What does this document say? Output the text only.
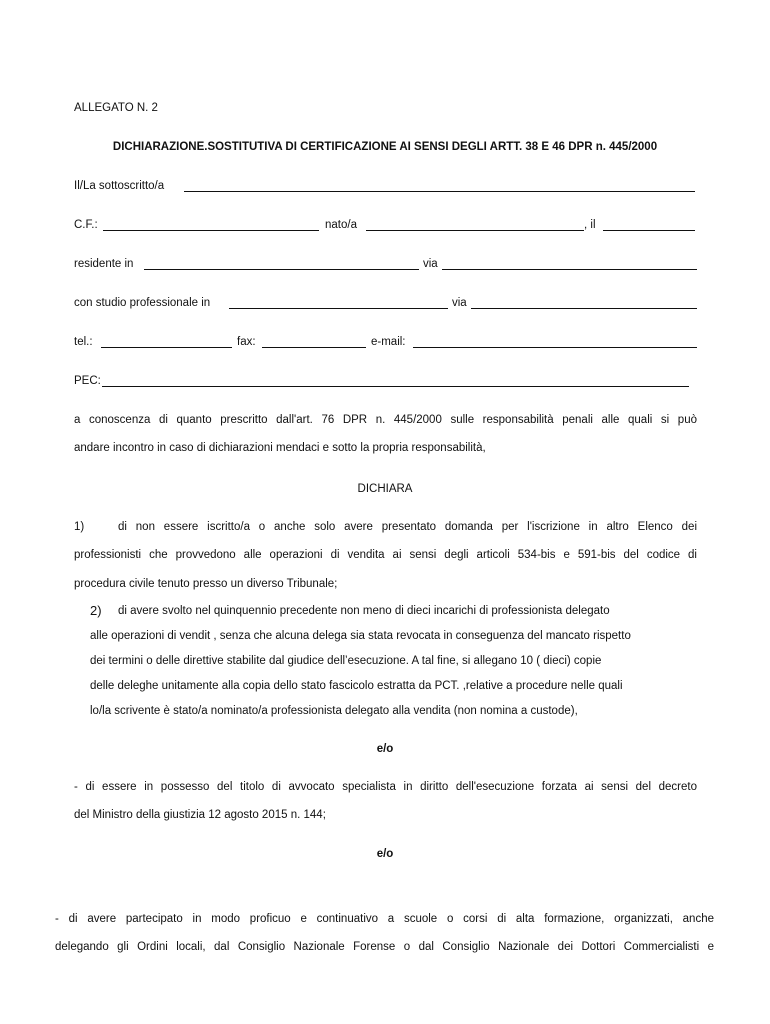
ALLEGATO N. 2
DICHIARAZIONE.SOSTITUTIVA DI CERTIFICAZIONE AI SENSI DEGLI ARTT. 38 E 46 DPR n. 445/2000
Il/La sottoscritto/a
C.F.:	nato/a	, il
residente in	via
con studio professionale in	via
tel.:	fax:	e-mail:
PEC:
a conoscenza di quanto prescritto dall'art. 76 DPR n. 445/2000 sulle responsabilità penali alle quali si può
andare incontro in caso di dichiarazioni mendaci e sotto la propria responsabilità,
DICHIARA
1)	di non essere iscritto/a o anche solo avere presentato domanda per l'iscrizione in altro Elenco dei
professionisti che provvedono alle operazioni di vendita ai sensi degli articoli 534-bis e 591-bis del codice di
procedura civile tenuto presso un diverso Tribunale;
2) di avere svolto nel quinquennio precedente non meno di dieci incarichi di professionista delegato
alle operazioni di vendit , senza che alcuna delega sia stata revocata in conseguenza del mancato rispetto
dei termini o delle direttive stabilite dal giudice dell’esecuzione. A tal fine, si allegano 10 ( dieci) copie
delle deleghe unitamente alla copia dello stato fascicolo estratta da PCT. ,relative a procedure nelle quali
lo/la scrivente è stato/a nominato/a professionista delegato alla vendita (non nomina a custode),
e/o
- di essere in possesso del titolo di avvocato specialista in diritto dell'esecuzione forzata ai sensi del decreto
del Ministro della giustizia 12 agosto 2015 n. 144;
e/o
- di avere partecipato in modo proficuo e continuativo a scuole o corsi di alta formazione, organizzati, anche
delegando gli Ordini locali, dal Consiglio Nazionale Forense o dal Consiglio Nazionale dei Dottori Commercialisti e
